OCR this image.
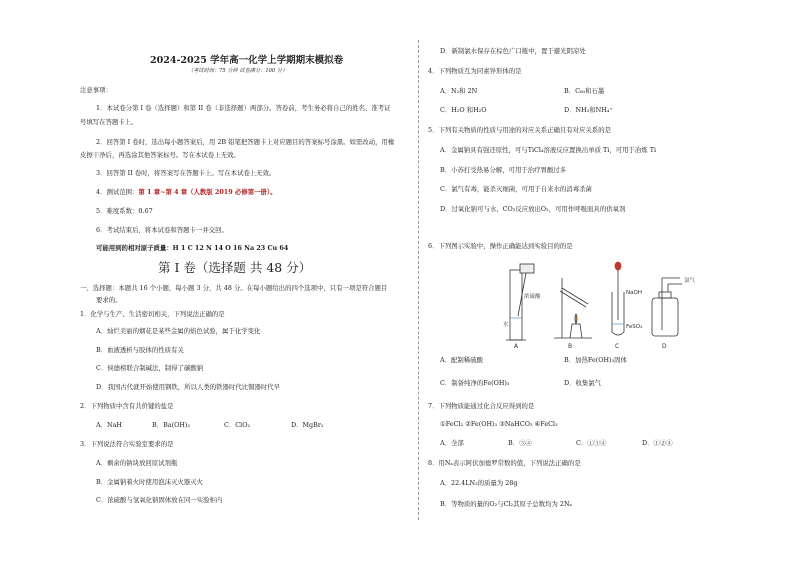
2024-2025 学年高一化学上学期期末模拟卷
（考试时间：75 分钟 试卷满分：100 分）
注意事项：
1．本试卷分第 I 卷（选择题）和第 II 卷（非选择题）两部分。答卷前，考生务必将自己的姓名、准考证
号填写在答题卡上。
2．回答第 I 卷时，选出每小题答案后，用 2B 铅笔把答题卡上对应题目的答案标号涂黑。如需改动，用橡
皮擦干净后，再选涂其他答案标号。写在本试卷上无效。
3．回答第 II 卷时，将答案写在答题卡上。写在本试卷上无效。
4．测试范围：第 1 章~第 4 章（人教版 2019 必修第一册）。
5．难度系数：0.67
6．考试结束后，将本试卷和答题卡一并交回。
可能用到的相对原子质量：H 1 C 12 N 14 O 16 Na 23 Cu 64
第 I 卷（选择题 共 48 分）
一、选择题：本题共 16 个小题，每小题 3 分，共 48 分。在每小题给出的四个选项中，只有一项是符合题目
要求的。
1．化学与生产、生活密切相关，下列说法正确的是
A．灿烂美丽的烟花是某些金属的焰色试验，属于化学变化
B．血液透析与胶体的性质有关
C．侯德榜联合制碱法，制得了碳酸钠
D．我国古代就开始使用钢铁，所以人类的铁器时代比铜器时代早
2．下列物质中含有共价键的盐是
A．NaH	B．Ba(OH)₂	C．ClO₂	D．MgBr₂
3．下列说法符合实验室要求的是
A．剩余的钠块放回原试剂瓶
B．金属钠着火时使用泡沫灭火器灭火
C．浓硫酸与氢氧化钠固体放在同一实验柜内
D．新制氯水保存在棕色广口瓶中，置于避光阴凉处
4．下列物质互为同素异形体的是
A．N₂和 2N	B．C₆₀和石墨
C．H₂O 和H₂O	D．NH₃和NH₄⁺
5．下列有关物质的性质与用途的对应关系正确且有对应关系的是
A．金属钠具有强还原性，可与TiCl₄溶液反应置换出单质 Ti，可用于冶炼 Ti
B．小苏打受热易分解，可用于治疗胃酸过多
C．氯气有毒，能杀灭细菌，可用于自来水的消毒杀菌
D．过氧化钠可与水、CO₂反应放出O₂，可用作呼吸面具的供氧剂
6．下列图示实验中，操作正确能达到实验目的的是
浓硫酸
水
A	B
NaOH
FeSO₄
C
氯气
D
A．配制稀硫酸	B．加热Fe(OH)₃固体
C．制备纯净的Fe(OH)₂	D．收集氯气
7．下列物质能通过化合反应得到的是
①FeCl₂ ②Fe(OH)₃ ③NaHCO₃ ④FeCl₃
A．全部	B．③④	C．①③④	D．①②④
8．用Nₐ表示阿伏加德罗常数的值，下列说法正确的是
A．22.4LN₂的质量为 28g
B．等物质的量的O₂与Cl₂其原子总数均为 2Nₐ
